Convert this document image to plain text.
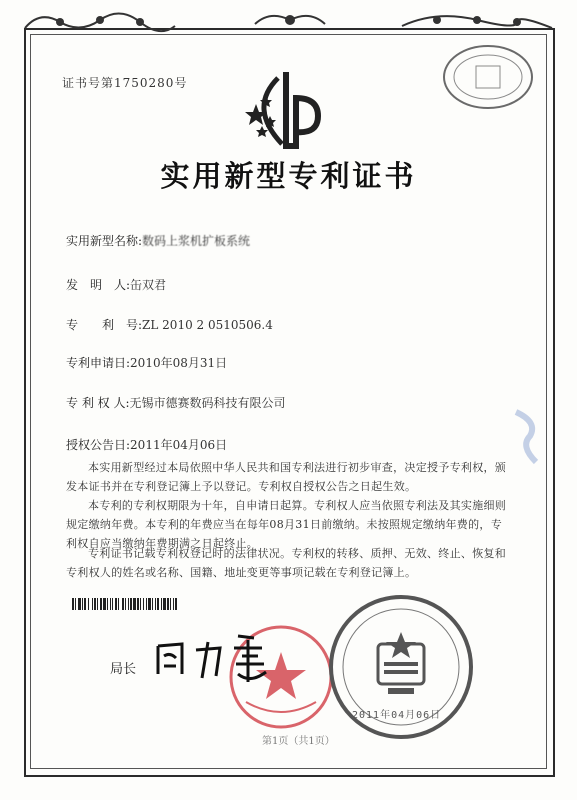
证书号第1750280号
实用新型专利证书
实用新型名称:数码上浆机扩板系统
发　明　人:缶双君
专　　利　号:ZL 2010 2 0510506.4
专利申请日:2010年08月31日
专 利 权 人:无锡市德赛数码科技有限公司
授权公告日:2011年04月06日
本实用新型经过本局依照中华人民共和国专利法进行初步审查，决定授予专利权，颁发本证书并在专利登记簿上予以登记。专利权自授权公告之日起生效。
本专利的专利权期限为十年，自申请日起算。专利权人应当依照专利法及其实施细则规定缴纳年费。本专利的年费应当在每年08月31日前缴纳。未按照规定缴纳年费的，专利权自应当缴纳年费期满之日起终止。
专利证书记载专利权登记时的法律状况。专利权的转移、质押、无效、终止、恢复和专利权人的姓名或名称、国籍、地址变更等事项记载在专利登记簿上。
局长
2011年04月06日
第1页（共1页）
